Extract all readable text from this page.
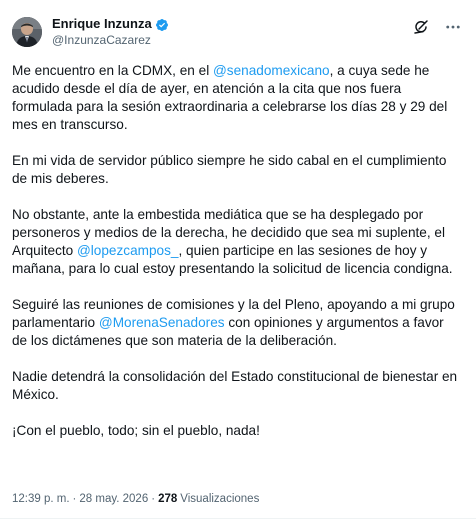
Enrique Inzunza
@InzunzaCazarez

Me encuentro en la CDMX, en el @senadomexicano, a cuya sede he acudido desde el día de ayer, en atención a la cita que nos fuera formulada para la sesión extraordinaria a celebrarse los días 28 y 29 del mes en transcurso.

En mi vida de servidor público siempre he sido cabal en el cumplimiento de mis deberes.

No obstante, ante la embestida mediática que se ha desplegado por personeros y medios de la derecha, he decidido que sea mi suplente, el Arquitecto @lopezcampos_, quien participe en las sesiones de hoy y mañana, para lo cual estoy presentando la solicitud de licencia condigna.

Seguiré las reuniones de comisiones y la del Pleno, apoyando a mi grupo parlamentario @MorenaSenadores con opiniones y argumentos a favor de los dictámenes que son materia de la deliberación.

Nadie detendrá la consolidación del Estado constitucional de bienestar en México.

¡Con el pueblo, todo; sin el pueblo, nada!

12:39 p. m. · 28 may. 2026 · 278 Visualizaciones
